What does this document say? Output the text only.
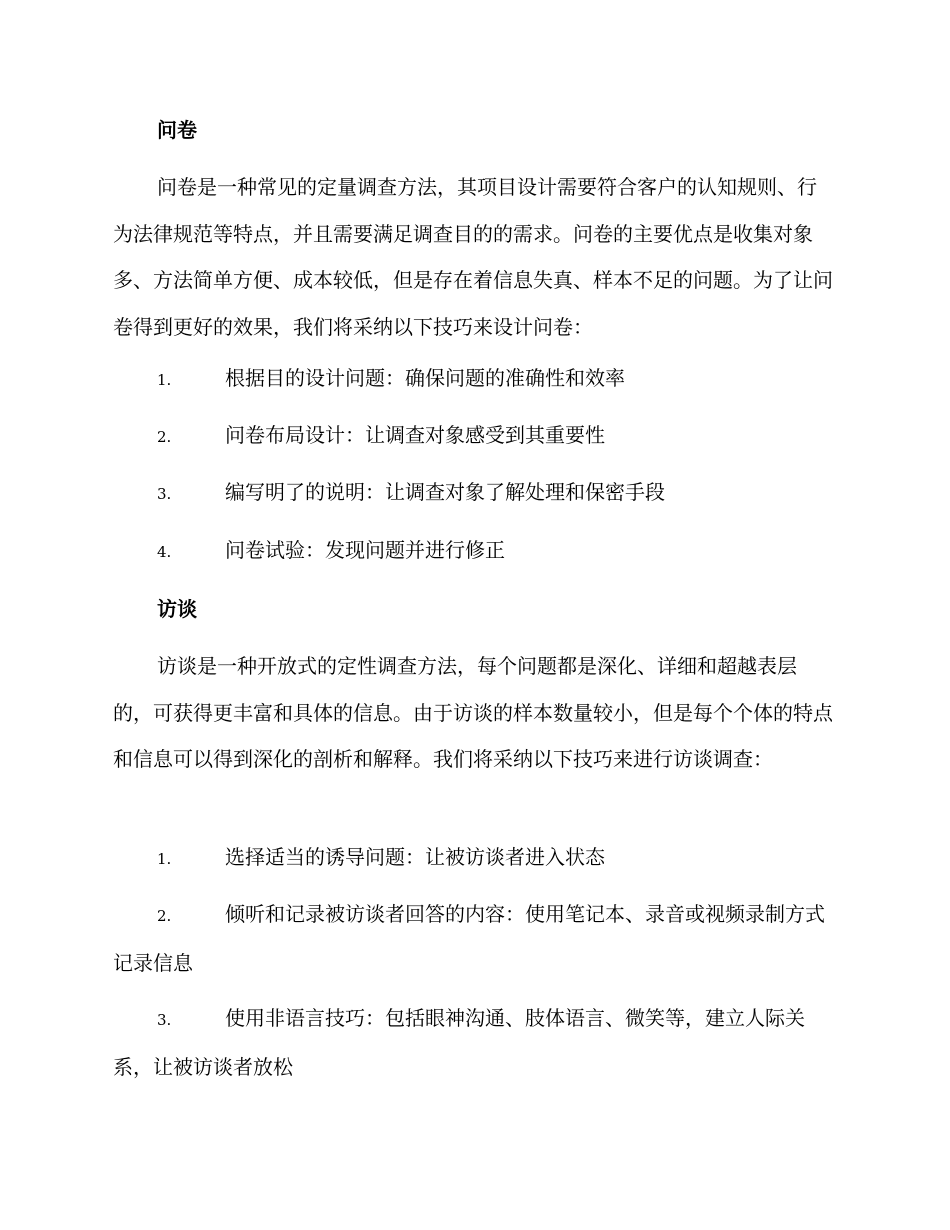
问卷

问卷是一种常见的定量调查方法，其项目设计需要符合客户的认知规则、行为法律规范等特点，并且需要满足调查目的的需求。问卷的主要优点是收集对象多、方法简单方便、成本较低，但是存在着信息失真、样本不足的问题。为了让问卷得到更好的效果，我们将采纳以下技巧来设计问卷：

1.	根据目的设计问题：确保问题的准确性和效率
2.	问卷布局设计：让调查对象感受到其重要性
3.	编写明了的说明：让调查对象了解处理和保密手段
4.	问卷试验：发现问题并进行修正
访谈

访谈是一种开放式的定性调查方法，每个问题都是深化、详细和超越表层的，可获得更丰富和具体的信息。由于访谈的样本数量较小，但是每个个体的特点和信息可以得到深化的剖析和解释。我们将采纳以下技巧来进行访谈调查：

1.	选择适当的诱导问题：让被访谈者进入状态
2.	倾听和记录被访谈者回答的内容：使用笔记本、录音或视频录制方式记录信息
3.	使用非语言技巧：包括眼神沟通、肢体语言、微笑等，建立人际关系，让被访谈者放松
